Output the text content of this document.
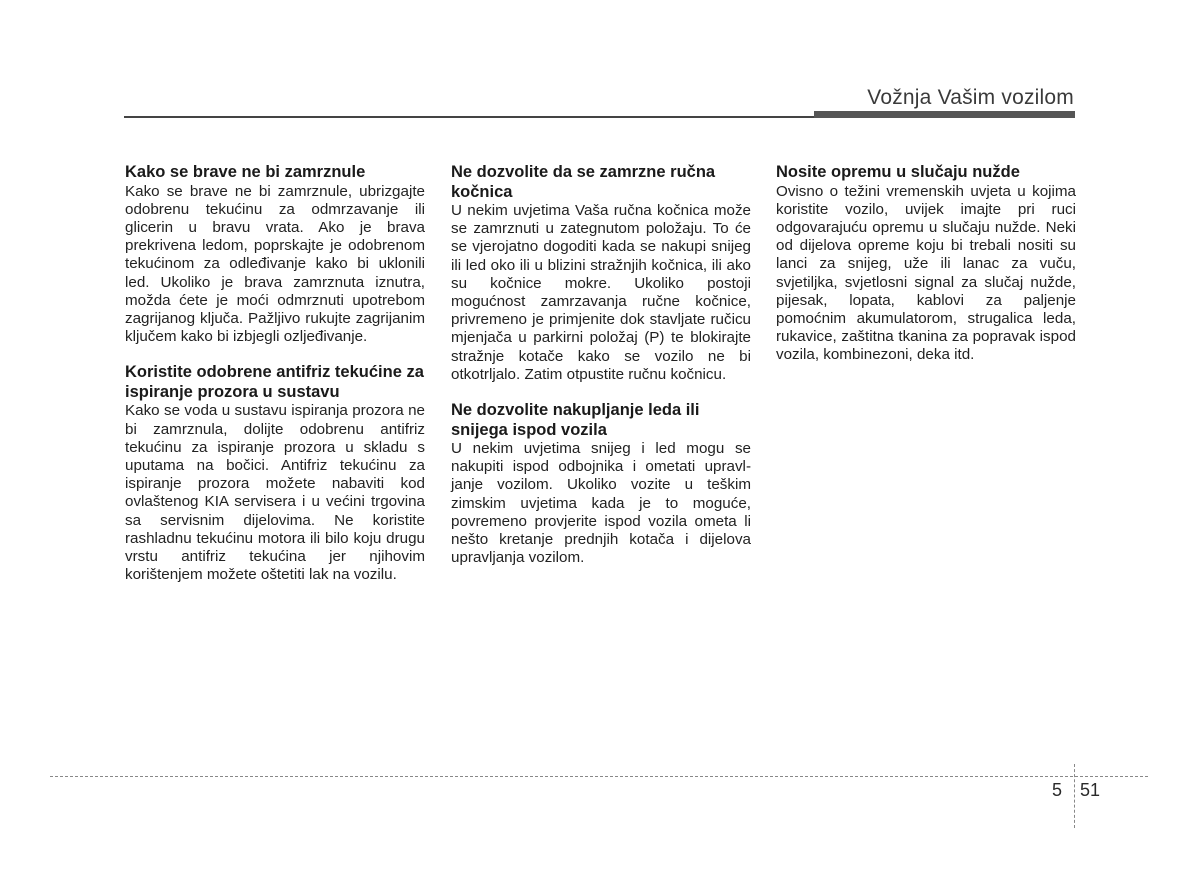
Vožnja Vašim vozilom
Kako se brave ne bi zamrznule

Kako se brave ne bi zamrznule, ubrizgajte odobrenu tekućinu za odmrzavanje ili glicerin u bravu vrata. Ako je brava prekrivena ledom, poprskajte je odobrenom tekućinom za odleđivanje kako bi uklonili led. Ukoliko je brava zamrznuta iznutra, možda ćete je moći odmrznuti upotrebom zagrijanog ključa. Pažljivo rukujte zagrijanim ključem kako bi izbjegli ozljeđivanje.

Koristite odobrene antifriz tekućine za ispiranje prozora u sustavu

Kako se voda u sustavu ispiranja prozora ne bi zamrznula, dolijte odobrenu antifriz tekućinu za ispiranje prozora u skladu s uputama na bočici. Antifriz tekućinu za ispiranje prozora možete nabaviti kod ovlaštenog KIA servisera i u većini trgovina sa servisnim dijelovima. Ne koristite rashladnu tekućinu motora ili bilo koju drugu vrstu antifriz tekućina jer njihovim korištenjem možete oštetiti lak na vozilu.

Ne dozvolite da se zamrzne ručna kočnica

U nekim uvjetima Vaša ručna kočnica može se zamrznuti u zategnutom položaju. To će se vjerojatno dogoditi kada se nakupi snijeg ili led oko ili u blizini stražnjih kočnica, ili ako su kočnice mokre. Ukoliko postoji mogućnost zamrzavanja ručne kočnice, privremeno je primjenite dok stavljate ručicu mjenjača u parkirni položaj (P) te blokirajte stražnje kotače kako se vozilo ne bi otkotrljalo. Zatim otpustite ručnu kočnicu.

Ne dozvolite nakupljanje leda ili snijega ispod vozila

U nekim uvjetima snijeg i led mogu se nakupiti ispod odbojnika i ometati upravljanje vozilom. Ukoliko vozite u teškim zimskim uvjetima kada je to moguće, povremeno provjerite ispod vozila ometa li nešto kretanje prednjih kotača i dijelova upravljanja vozilom.

Nosite opremu u slučaju nužde

Ovisno o težini vremenskih uvjeta u kojima koristite vozilo, uvijek imajte pri ruci odgovarajuću opremu u slučaju nužde. Neki od dijelova opreme koju bi trebali nositi su lanci za snijeg, uže ili lanac za vuču, svjetiljka, svjetlosni signal za slučaj nužde, pijesak, lopata, kablovi za paljenje pomoćnim akumulatorom, strugalica leda, rukavice, zaštitna tkanina za popravak ispod vozila, kombinezoni, deka itd.

5 51
